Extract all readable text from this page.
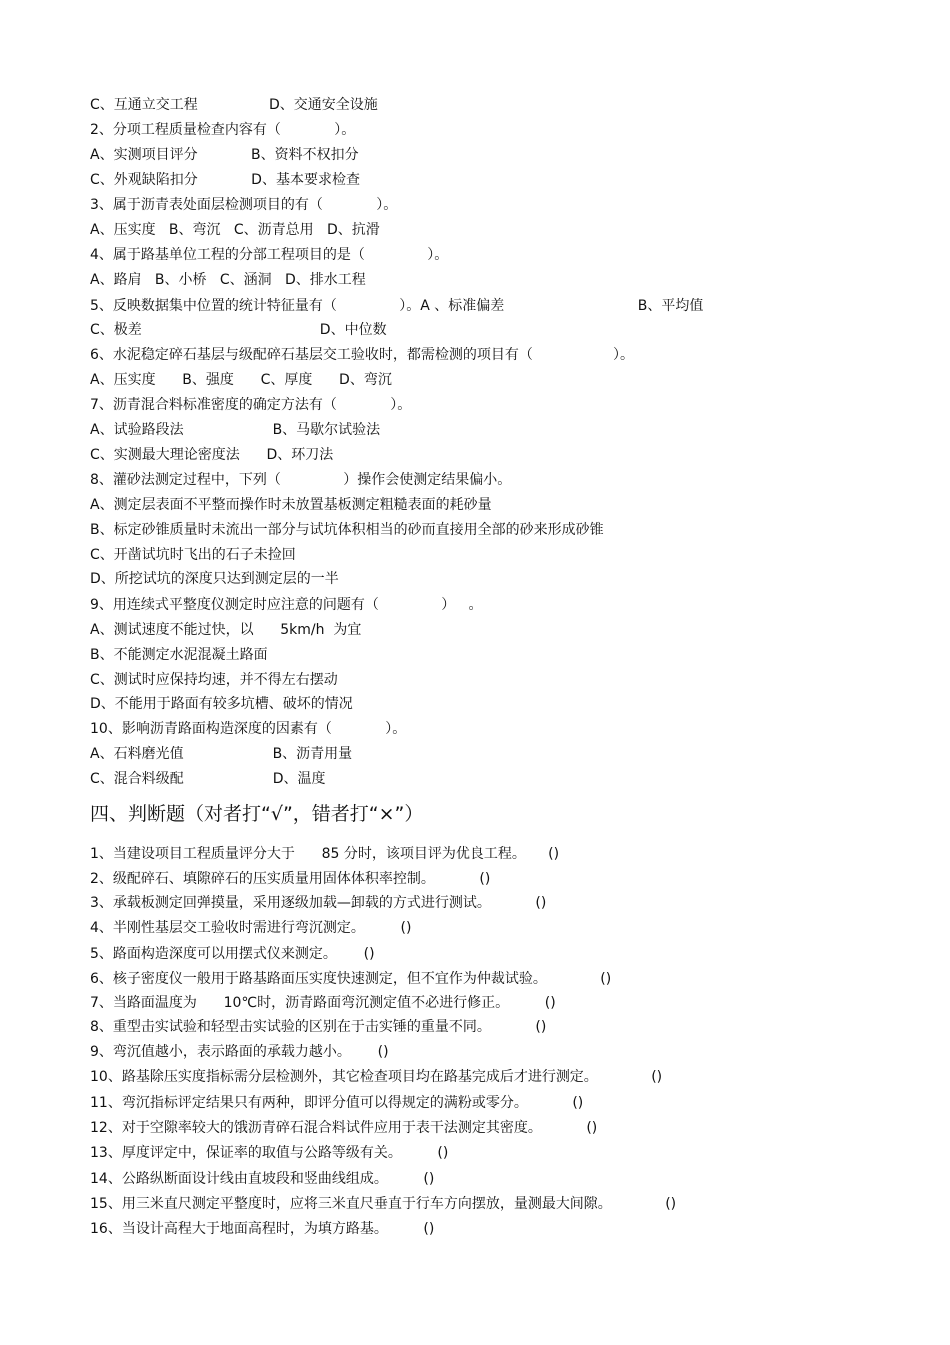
C、互通立交工程                D、交通安全设施

2、分项工程质量检查内容有（            ）。

A、实测项目评分            B、资料不权扣分

C、外观缺陷扣分            D、基本要求检查

3、属于沥青表处面层检测项目的有（            ）。

A、压实度   B、弯沉   C、沥青总用   D、抗滑

4、属于路基单位工程的分部工程项目的是（              ）。

A、路肩   B、小桥   C、涵洞   D、排水工程

5、反映数据集中位置的统计特征量有（              ）。A 、标准偏差                              B、平均值

C、极差                                        D、中位数

6、水泥稳定碎石基层与级配碎石基层交工验收时，都需检测的项目有（                  ）。

A、压实度      B、强度      C、厚度      D、弯沉

7、沥青混合料标准密度的确定方法有（            ）。

A、试验路段法                    B、马歇尔试验法

C、实测最大理论密度法      D、环刀法

8、灌砂法测定过程中，下列（              ）操作会使测定结果偏小。

A、测定层表面不平整而操作时未放置基板测定粗糙表面的耗砂量

B、标定砂锥质量时未流出一部分与试坑体积相当的砂而直接用全部的砂来形成砂锥

C、开凿试坑时飞出的石子未捡回

D、所挖试坑的深度只达到测定层的一半

9、用连续式平整度仪测定时应注意的问题有（              ）   。

A、测试速度不能过快，以      5km/h  为宜

B、不能测定水泥混凝土路面

C、测试时应保持均速，并不得左右摆动

D、不能用于路面有较多坑槽、破坏的情况

10、影响沥青路面构造深度的因素有（            ）。

A、石料磨光值                    B、沥青用量

C、混合料级配                    D、温度

四、判断题（对者打“√”，错者打“×”）

1、当建设项目工程质量评分大于      85 分时，该项目评为优良工程。     ()

2、级配碎石、填隙碎石的压实质量用固体体积率控制。          ()

3、承载板测定回弹摸量，采用逐级加载—卸载的方式进行测试。          ()

4、半刚性基层交工验收时需进行弯沉测定。        ()

5、路面构造深度可以用摆式仪来测定。      ()

6、核子密度仪一般用于路基路面压实度快速测定，但不宜作为仲裁试验。            ()

7、当路面温度为      10℃时，沥青路面弯沉测定值不必进行修正。        ()

8、重型击实试验和轻型击实试验的区别在于击实锤的重量不同。          ()

9、弯沉值越小，表示路面的承载力越小。      ()

10、路基除压实度指标需分层检测外，其它检查项目均在路基完成后才进行测定。            ()

11、弯沉指标评定结果只有两种，即评分值可以得规定的满粉或零分。          ()

12、对于空隙率较大的饿沥青碎石混合料试件应用于表干法测定其密度。          ()

13、厚度评定中，保证率的取值与公路等级有关。        ()

14、公路纵断面设计线由直坡段和竖曲线组成。        ()

15、用三米直尺测定平整度时，应将三米直尺垂直于行车方向摆放，量测最大间隙。            ()

16、当设计高程大于地面高程时，为填方路基。        ()
